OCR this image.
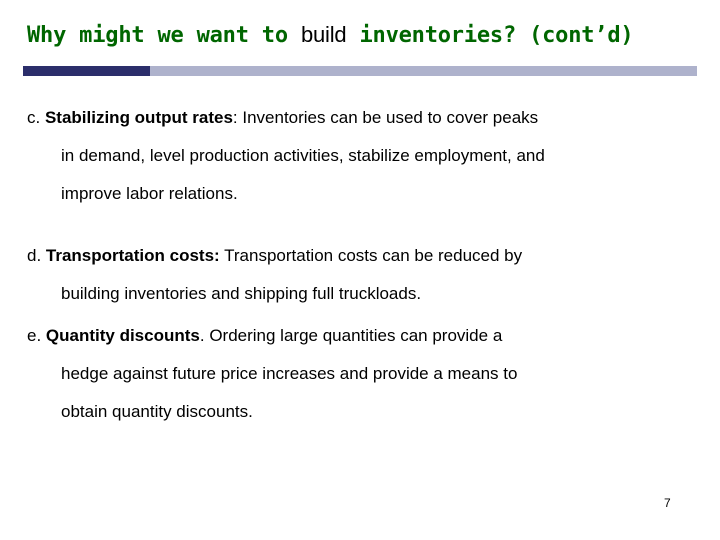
Why might we want to build inventories? (cont’d)

c. Stabilizing output rates: Inventories can be used to cover peaks
in demand, level production activities, stabilize employment, and
improve labor relations.

d. Transportation costs: Transportation costs can be reduced by
building inventories and shipping full truckloads.

e. Quantity discounts. Ordering large quantities can provide a
hedge against future price increases and provide a means to
obtain quantity discounts.

7
